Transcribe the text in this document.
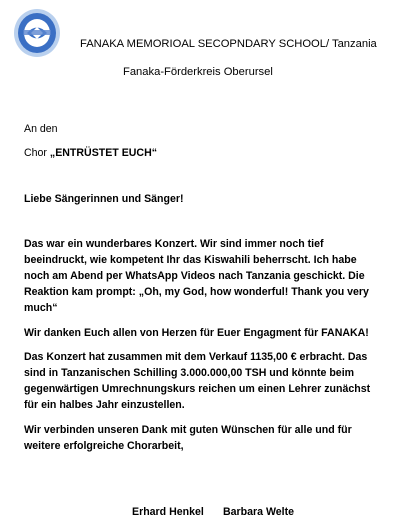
FANAKA MEMORIOAL SECOPNDARY SCHOOL/ Tanzania
Fanaka-Förderkreis Oberursel
An den
Chor „ENTRÜSTET EUCH“
Liebe Sängerinnen und Sänger!
Das war ein wunderbares Konzert. Wir sind immer noch tief
beeindruckt, wie kompetent Ihr das Kiswahili beherrscht. Ich habe
noch am Abend per WhatsApp Videos nach Tanzania geschickt. Die
Reaktion kam prompt: „Oh, my God, how wonderful! Thank you very
much“
Wir danken Euch allen von Herzen für Euer Engagment für FANAKA!
Das Konzert hat zusammen mit dem Verkauf 1135,00 € erbracht. Das
sind in Tanzanischen Schilling 3.000.000,00 TSH und könnte beim
gegenwärtigen Umrechnungskurs reichen um einen Lehrer zunächst
für ein halbes Jahr einzustellen.
Wir verbinden unseren Dank mit guten Wünschen für alle und für
weitere erfolgreiche Chorarbeit,
Erhard Henkel Barbara Welte
